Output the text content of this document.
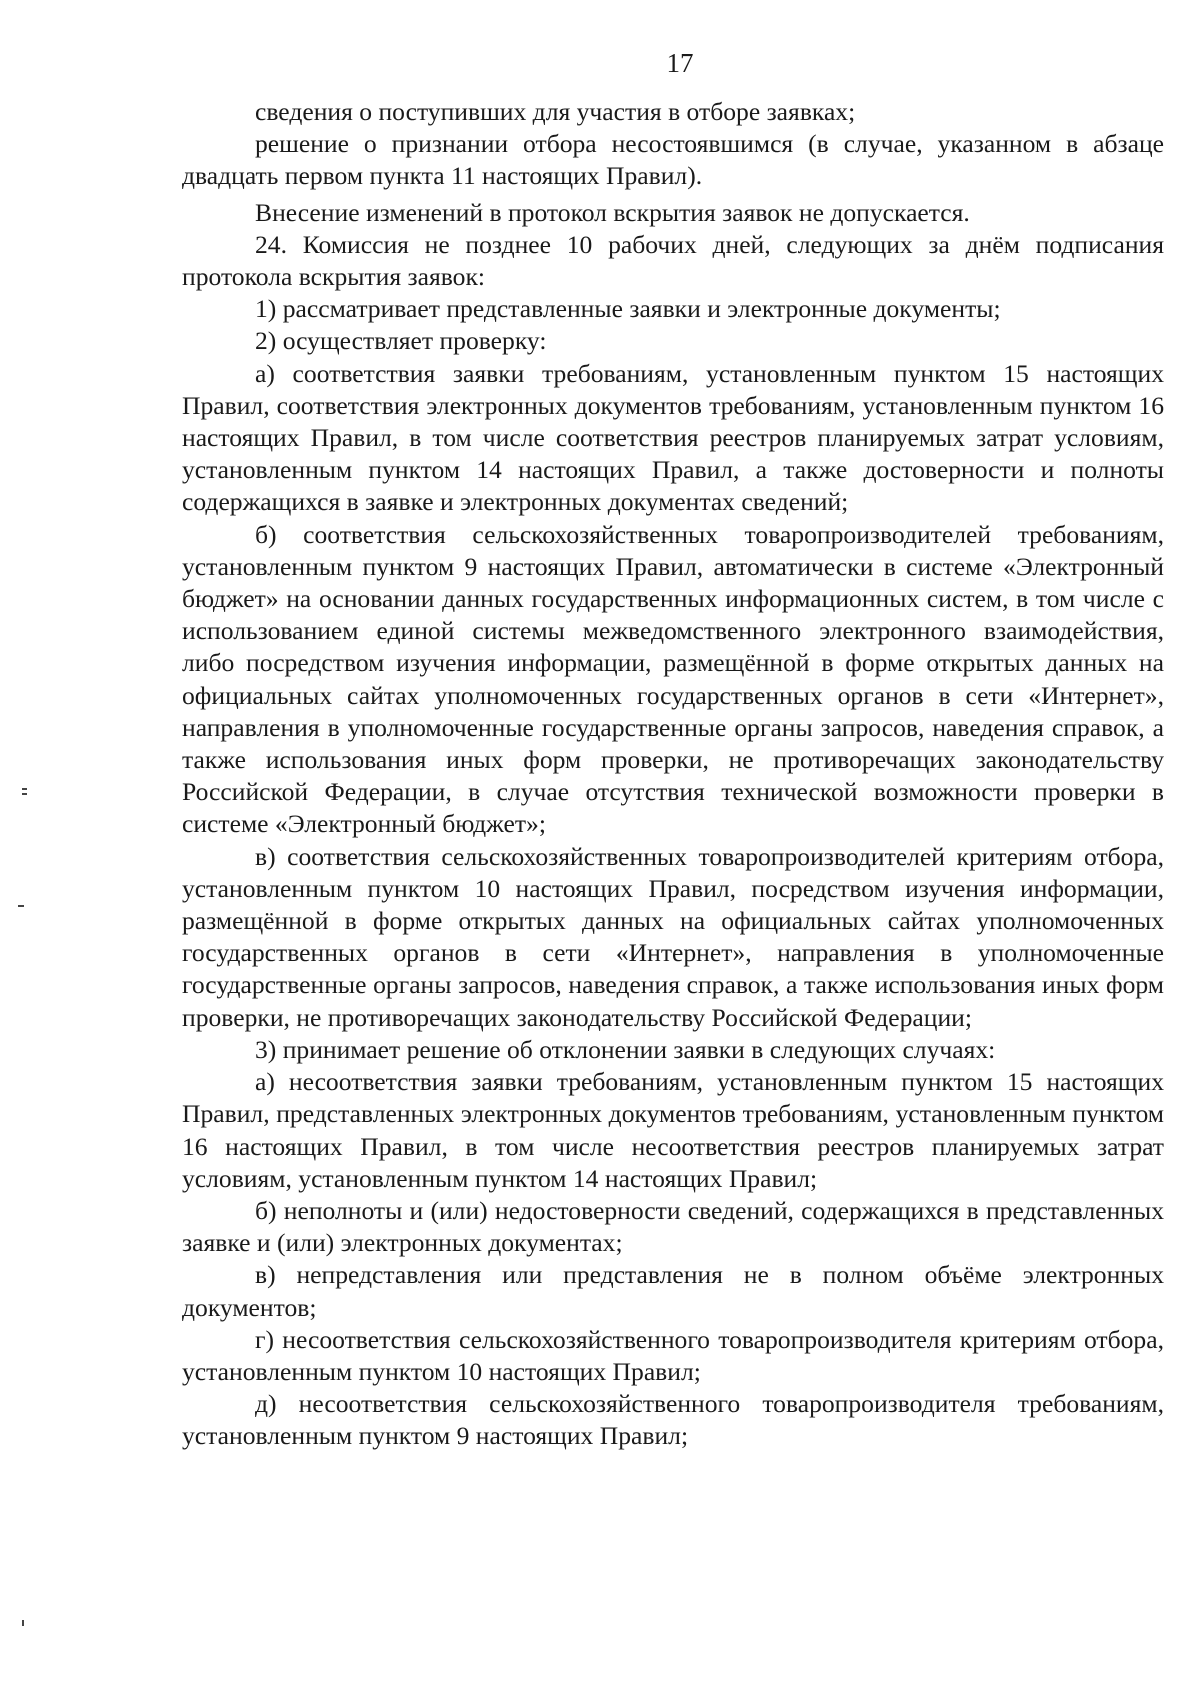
17

сведения о поступивших для участия в отборе заявках;

решение о признании отбора несостоявшимся (в случае, указанном в абзаце двадцать первом пункта 11 настоящих Правил).

Внесение изменений в протокол вскрытия заявок не допускается.

24. Комиссия не позднее 10 рабочих дней, следующих за днём подписания протокола вскрытия заявок:

1) рассматривает представленные заявки и электронные документы;

2) осуществляет проверку:

а) соответствия заявки требованиям, установленным пунктом 15 настоящих Правил, соответствия электронных документов требованиям, установленным пунктом 16 настоящих Правил, в том числе соответствия реестров планируемых затрат условиям, установленным пунктом 14 настоящих Правил, а также достоверности и полноты содержащихся в заявке и электронных документах сведений;

б) соответствия сельскохозяйственных товаропроизводителей требованиям, установленным пунктом 9 настоящих Правил, автоматически в системе «Электронный бюджет» на основании данных государственных информационных систем, в том числе с использованием единой системы межведомственного электронного взаимодействия, либо посредством изучения информации, размещённой в форме открытых данных на официальных сайтах уполномоченных государственных органов в сети «Интернет», направления в уполномоченные государственные органы запросов, наведения справок, а также использования иных форм проверки, не противоречащих законодательству Российской Федерации, в случае отсутствия технической возможности проверки в системе «Электронный бюджет»;

в) соответствия сельскохозяйственных товаропроизводителей критериям отбора, установленным пунктом 10 настоящих Правил, посредством изучения информации, размещённой в форме открытых данных на официальных сайтах уполномоченных государственных органов в сети «Интернет», направления в уполномоченные государственные органы запросов, наведения справок, а также использования иных форм проверки, не противоречащих законодательству Российской Федерации;

3) принимает решение об отклонении заявки в следующих случаях:

а) несоответствия заявки требованиям, установленным пунктом 15 настоящих Правил, представленных электронных документов требованиям, установленным пунктом 16 настоящих Правил, в том числе несоответствия реестров планируемых затрат условиям, установленным пунктом 14 настоящих Правил;

б) неполноты и (или) недостоверности сведений, содержащихся в представленных заявке и (или) электронных документах;

в) непредставления или представления не в полном объёме электронных документов;

г) несоответствия сельскохозяйственного товаропроизводителя критериям отбора, установленным пунктом 10 настоящих Правил;

д) несоответствия сельскохозяйственного товаропроизводителя требованиям, установленным пунктом 9 настоящих Правил;
